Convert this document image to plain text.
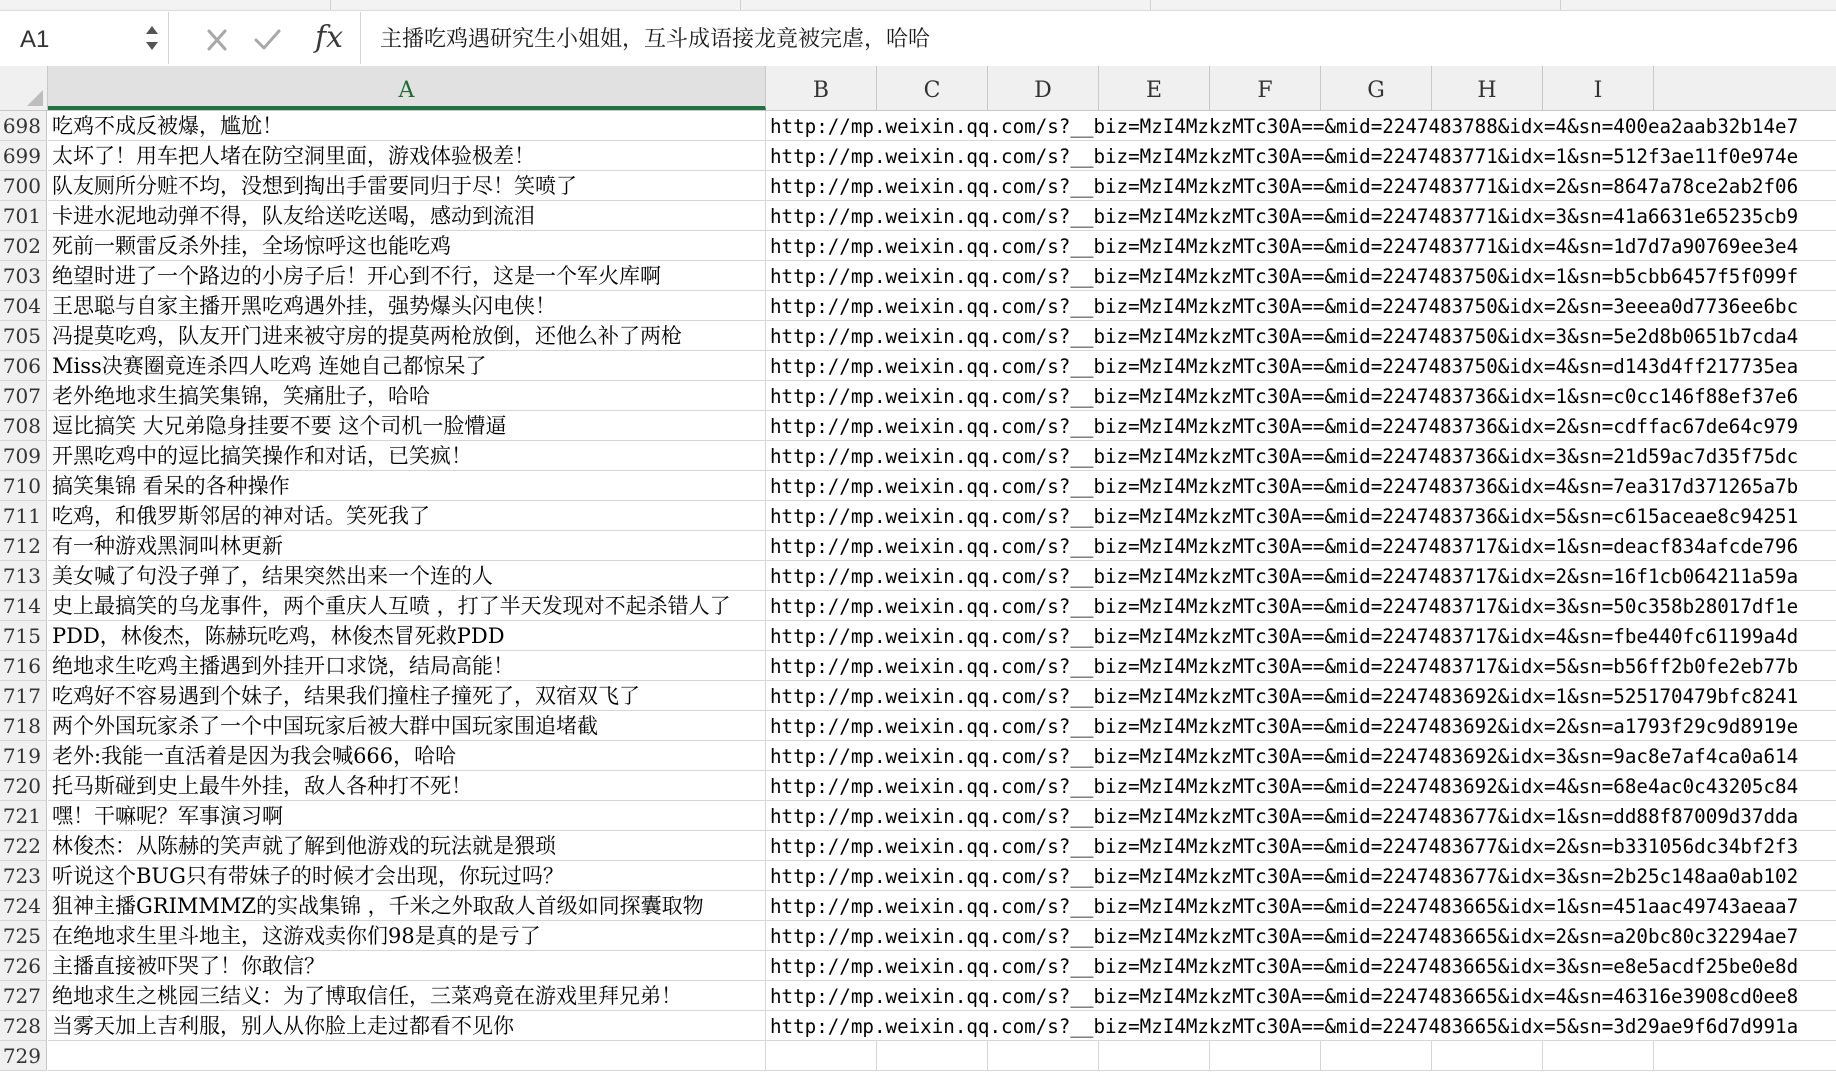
A1	fx 主播吃鸡遇研究生小姐姐，互斗成语接龙竟被完虐，哈哈
A	B	C	D	E	F	G	H	I
698 吃鸡不成反被爆，尴尬！	http://mp.weixin.qq.com/s?__biz=MzI4MzkzMTc30A==&mid=2247483788&idx=4&sn=400ea2aab32b14e7
699 太坏了！用车把人堵在防空洞里面，游戏体验极差！	http://mp.weixin.qq.com/s?__biz=MzI4MzkzMTc30A==&mid=2247483771&idx=1&sn=512f3ae11f0e974e
700 队友厕所分赃不均，没想到掏出手雷要同归于尽！笑喷了	http://mp.weixin.qq.com/s?__biz=MzI4MzkzMTc30A==&mid=2247483771&idx=2&sn=8647a78ce2ab2f06
701 卡进水泥地动弹不得，队友给送吃送喝，感动到流泪	http://mp.weixin.qq.com/s?__biz=MzI4MzkzMTc30A==&mid=2247483771&idx=3&sn=41a6631e65235cb9
702 死前一颗雷反杀外挂，全场惊呼这也能吃鸡	http://mp.weixin.qq.com/s?__biz=MzI4MzkzMTc30A==&mid=2247483771&idx=4&sn=1d7d7a90769ee3e4
703 绝望时进了一个路边的小房子后！开心到不行，这是一个军火库啊	http://mp.weixin.qq.com/s?__biz=MzI4MzkzMTc30A==&mid=2247483750&idx=1&sn=b5cbb6457f5f099f
704 王思聪与自家主播开黑吃鸡遇外挂，强势爆头闪电侠！	http://mp.weixin.qq.com/s?__biz=MzI4MzkzMTc30A==&mid=2247483750&idx=2&sn=3eeea0d7736ee6bc
705 冯提莫吃鸡，队友开门进来被守房的提莫两枪放倒，还他么补了两枪	http://mp.weixin.qq.com/s?__biz=MzI4MzkzMTc30A==&mid=2247483750&idx=3&sn=5e2d8b0651b7cda4
706 Miss决赛圈竟连杀四人吃鸡 连她自己都惊呆了	http://mp.weixin.qq.com/s?__biz=MzI4MzkzMTc30A==&mid=2247483750&idx=4&sn=d143d4ff217735ea
707 老外绝地求生搞笑集锦，笑痛肚子，哈哈	http://mp.weixin.qq.com/s?__biz=MzI4MzkzMTc30A==&mid=2247483736&idx=1&sn=c0cc146f88ef37e6
708 逗比搞笑 大兄弟隐身挂要不要 这个司机一脸懵逼	http://mp.weixin.qq.com/s?__biz=MzI4MzkzMTc30A==&mid=2247483736&idx=2&sn=cdffac67de64c979
709 开黑吃鸡中的逗比搞笑操作和对话，已笑疯！	http://mp.weixin.qq.com/s?__biz=MzI4MzkzMTc30A==&mid=2247483736&idx=3&sn=21d59ac7d35f75dc
710 搞笑集锦 看呆的各种操作	http://mp.weixin.qq.com/s?__biz=MzI4MzkzMTc30A==&mid=2247483736&idx=4&sn=7ea317d371265a7b
711 吃鸡，和俄罗斯邻居的神对话。笑死我了	http://mp.weixin.qq.com/s?__biz=MzI4MzkzMTc30A==&mid=2247483736&idx=5&sn=c615aceae8c94251
712 有一种游戏黑洞叫林更新	http://mp.weixin.qq.com/s?__biz=MzI4MzkzMTc30A==&mid=2247483717&idx=1&sn=deacf834afcde796
713 美女喊了句没子弹了，结果突然出来一个连的人	http://mp.weixin.qq.com/s?__biz=MzI4MzkzMTc30A==&mid=2247483717&idx=2&sn=16f1cb064211a59a
714 史上最搞笑的乌龙事件，两个重庆人互喷 ，打了半天发现对不起杀错人了	http://mp.weixin.qq.com/s?__biz=MzI4MzkzMTc30A==&mid=2247483717&idx=3&sn=50c358b28017df1e
715 PDD，林俊杰，陈赫玩吃鸡，林俊杰冒死救PDD	http://mp.weixin.qq.com/s?__biz=MzI4MzkzMTc30A==&mid=2247483717&idx=4&sn=fbe440fc61199a4d
716 绝地求生吃鸡主播遇到外挂开口求饶，结局高能！	http://mp.weixin.qq.com/s?__biz=MzI4MzkzMTc30A==&mid=2247483717&idx=5&sn=b56ff2b0fe2eb77b
717 吃鸡好不容易遇到个妹子，结果我们撞柱子撞死了，双宿双飞了	http://mp.weixin.qq.com/s?__biz=MzI4MzkzMTc30A==&mid=2247483692&idx=1&sn=525170479bfc8241
718 两个外国玩家杀了一个中国玩家后被大群中国玩家围追堵截	http://mp.weixin.qq.com/s?__biz=MzI4MzkzMTc30A==&mid=2247483692&idx=2&sn=a1793f29c9d8919e
719 老外:我能一直活着是因为我会喊666，哈哈	http://mp.weixin.qq.com/s?__biz=MzI4MzkzMTc30A==&mid=2247483692&idx=3&sn=9ac8e7af4ca0a614
720 托马斯碰到史上最牛外挂，敌人各种打不死！	http://mp.weixin.qq.com/s?__biz=MzI4MzkzMTc30A==&mid=2247483692&idx=4&sn=68e4ac0c43205c84
721 嘿！干嘛呢？军事演习啊	http://mp.weixin.qq.com/s?__biz=MzI4MzkzMTc30A==&mid=2247483677&idx=1&sn=dd88f87009d37dda
722 林俊杰：从陈赫的笑声就了解到他游戏的玩法就是猥琐	http://mp.weixin.qq.com/s?__biz=MzI4MzkzMTc30A==&mid=2247483677&idx=2&sn=b331056dc34bf2f3
723 听说这个BUG只有带妹子的时候才会出现，你玩过吗？	http://mp.weixin.qq.com/s?__biz=MzI4MzkzMTc30A==&mid=2247483677&idx=3&sn=2b25c148aa0ab102
724 狙神主播GRIMMMZ的实战集锦 ，千米之外取敌人首级如同探囊取物	http://mp.weixin.qq.com/s?__biz=MzI4MzkzMTc30A==&mid=2247483665&idx=1&sn=451aac49743aeaa7
725 在绝地求生里斗地主，这游戏卖你们98是真的是亏了	http://mp.weixin.qq.com/s?__biz=MzI4MzkzMTc30A==&mid=2247483665&idx=2&sn=a20bc80c32294ae7
726 主播直接被吓哭了！你敢信？	http://mp.weixin.qq.com/s?__biz=MzI4MzkzMTc30A==&mid=2247483665&idx=3&sn=e8e5acdf25be0e8d
727 绝地求生之桃园三结义：为了博取信任，三菜鸡竟在游戏里拜兄弟！	http://mp.weixin.qq.com/s?__biz=MzI4MzkzMTc30A==&mid=2247483665&idx=4&sn=46316e3908cd0ee8
728 当雾天加上吉利服，别人从你脸上走过都看不见你	http://mp.weixin.qq.com/s?__biz=MzI4MzkzMTc30A==&mid=2247483665&idx=5&sn=3d29ae9f6d7d991a
729
